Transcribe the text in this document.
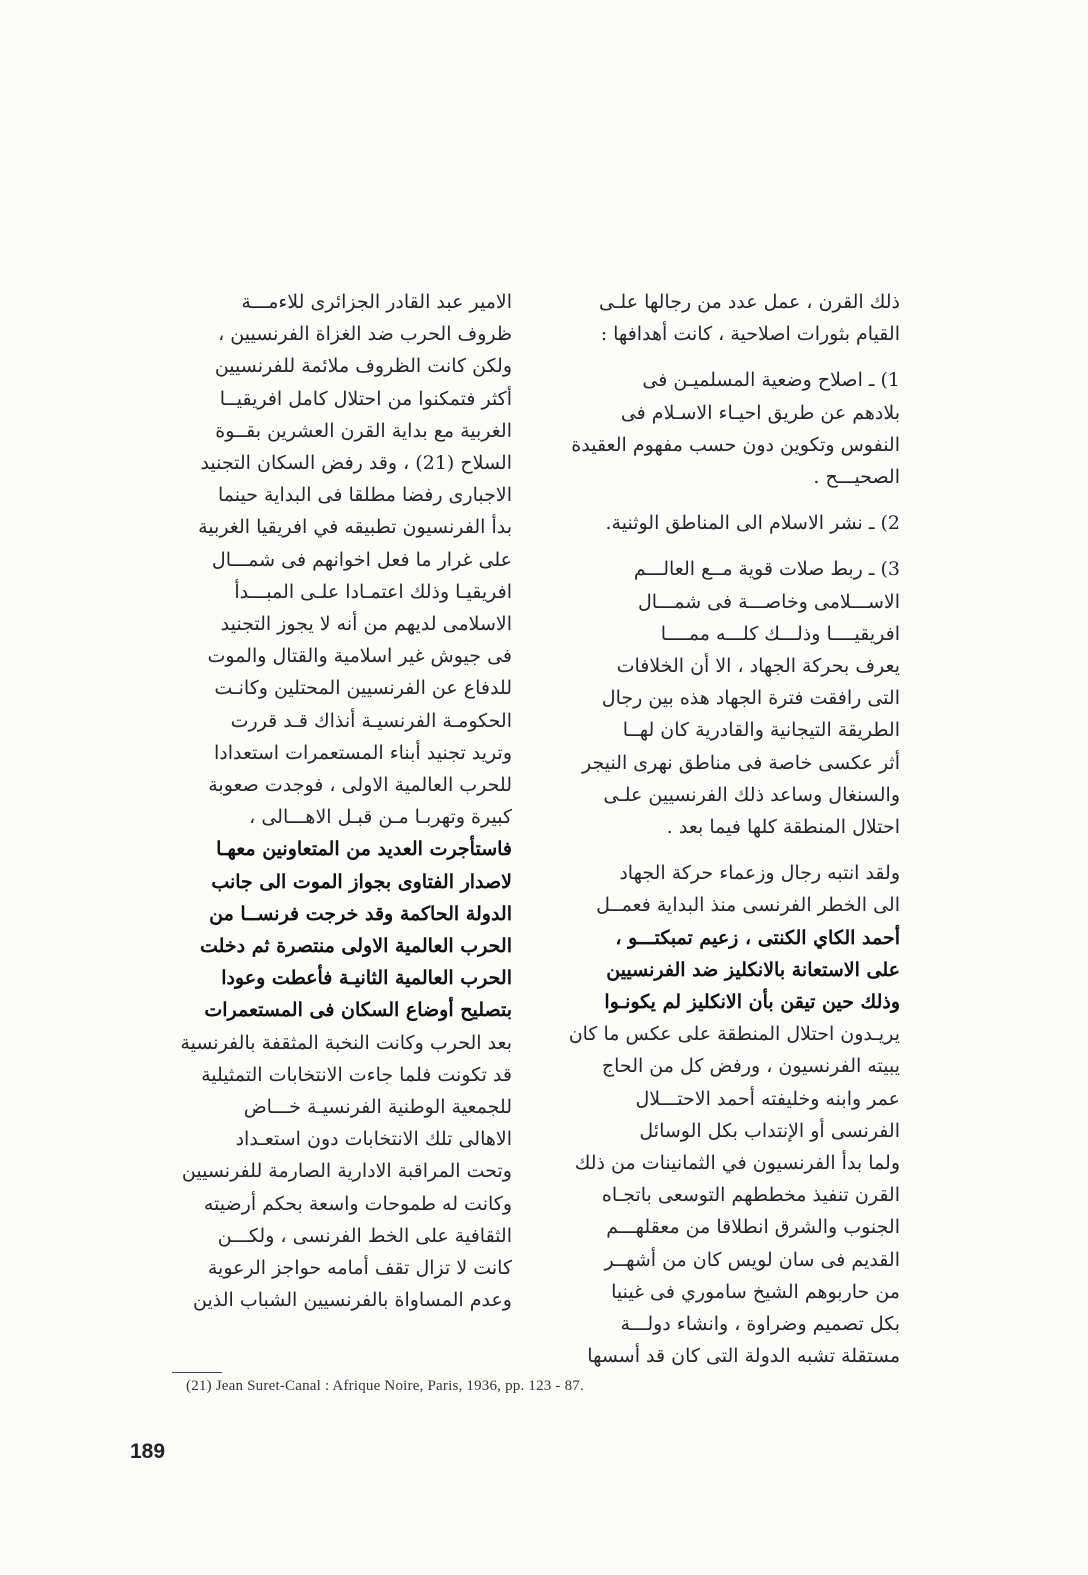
ذلك القرن ، عمل عدد من رجالها علـى
القيام بثورات اصلاحية ، كانت أهدافها :
1) ـ اصلاح وضعية المسلميـن فى
بلادهم عن طريق احيـاء الاسـلام فى
النفوس وتكوين دون حسب مفهوم العقيدة
الصحيـــح .
2) ـ نشر الاسلام الى المناطق الوثنية.
3) ـ ربط صلات قوية مــع العالـــم
الاســـلامى وخاصـــة فى شمـــال
افريقيــــا وذلـــك كلـــه ممــــا
يعرف بحركة الجهاد ، الا أن الخلافات
التى رافقت فترة الجهاد هذه بين رجال
الطريقة التيجانية والقادرية كان لهــا
أثر عكسى خاصة فى مناطق نهرى النيجر
والسنغال وساعد ذلك الفرنسيين علـى
احتلال المنطقة كلها فيما بعد .
ولقد انتبه رجال وزعماء حركة الجهاد
الى الخطر الفرنسى منذ البداية فعمــل
أحمد الكاي الكنتى ، زعيم تمبكتـــو ،
على الاستعانة بالانكليز ضد الفرنسيين
وذلك حين تيقن بأن الانكليز لم يكونـوا
يريـدون احتلال المنطقة على عكس ما كان
يبيته الفرنسيون ، ورفض كل من الحاج
عمر وابنه وخليفته أحمد الاحتـــلال
الفرنسى أو الإنتداب بكل الوسائل
ولما بدأ الفرنسيون في الثمانينات من ذلك
القرن تنفيذ مخططهم التوسعى باتجـاه
الجنوب والشرق انطلاقا من معقلهـــم
القديم فى سان لويس كان من أشهــر
من حاربوهم الشيخ ساموري فى غينيا
بكل تصميم وضراوة ، وانشاء دولـــة
مستقلة تشبه الدولة التى كان قد أسسها
الامير عبد القادر الجزائرى للاءمـــة
ظروف الحرب ضد الغزاة الفرنسيين ،
ولكن كانت الظروف ملائمة للفرنسيين
أكثر فتمكنوا من احتلال كامل افريقيــا
الغربية مع بداية القرن العشرين بقــوة
السلاح (21) ، وقد رفض السكان التجنيد
الاجبارى رفضا مطلقا فى البداية حينما
بدأ الفرنسيون تطبيقه في افريقيا الغربية
على غرار ما فعل اخوانهم فى شمـــال
افريقيـا وذلك اعتمـادا علـى المبـــدأ
الاسلامى لديهم من أنه لا يجوز التجنيد
فى جيوش غير اسلامية والقتال والموت
للدفاع عن الفرنسيين المحتلين وكانـت
الحكومـة الفرنسيـة أنذاك قـد قررت
وتريد تجنيد أبناء المستعمرات استعدادا
للحرب العالمية الاولى ، فوجدت صعوبة
كبيرة وتهربـا مـن قبـل الاهـــالى ،
فاستأجرت العديد من المتعاونين معهـا
لاصدار الفتاوى بجواز الموت الى جانب
الدولة الحاكمة وقد خرجت فرنســا من
الحرب العالمية الاولى منتصرة ثم دخلت
الحرب العالمية الثانيـة فأعطت وعودا
بتصليح أوضاع السكان فى المستعمرات
بعد الحرب وكانت النخبة المثقفة بالفرنسية
قد تكونت فلما جاءت الانتخابات التمثيلية
للجمعية الوطنية الفرنسيـة خـــاض
الاهالى تلك الانتخابات دون استعـداد
وتحت المراقبة الادارية الصارمة للفرنسيين
وكانت له طموحات واسعة بحكم أرضيته
الثقافية على الخط الفرنسى ، ولكـــن
كانت لا تزال تقف أمامه حواجز الرعوية
وعدم المساواة بالفرنسيين الشباب الذين
(21) Jean Suret-Canal : Afrique Noire, Paris, 1936, pp. 123 - 87.
189
